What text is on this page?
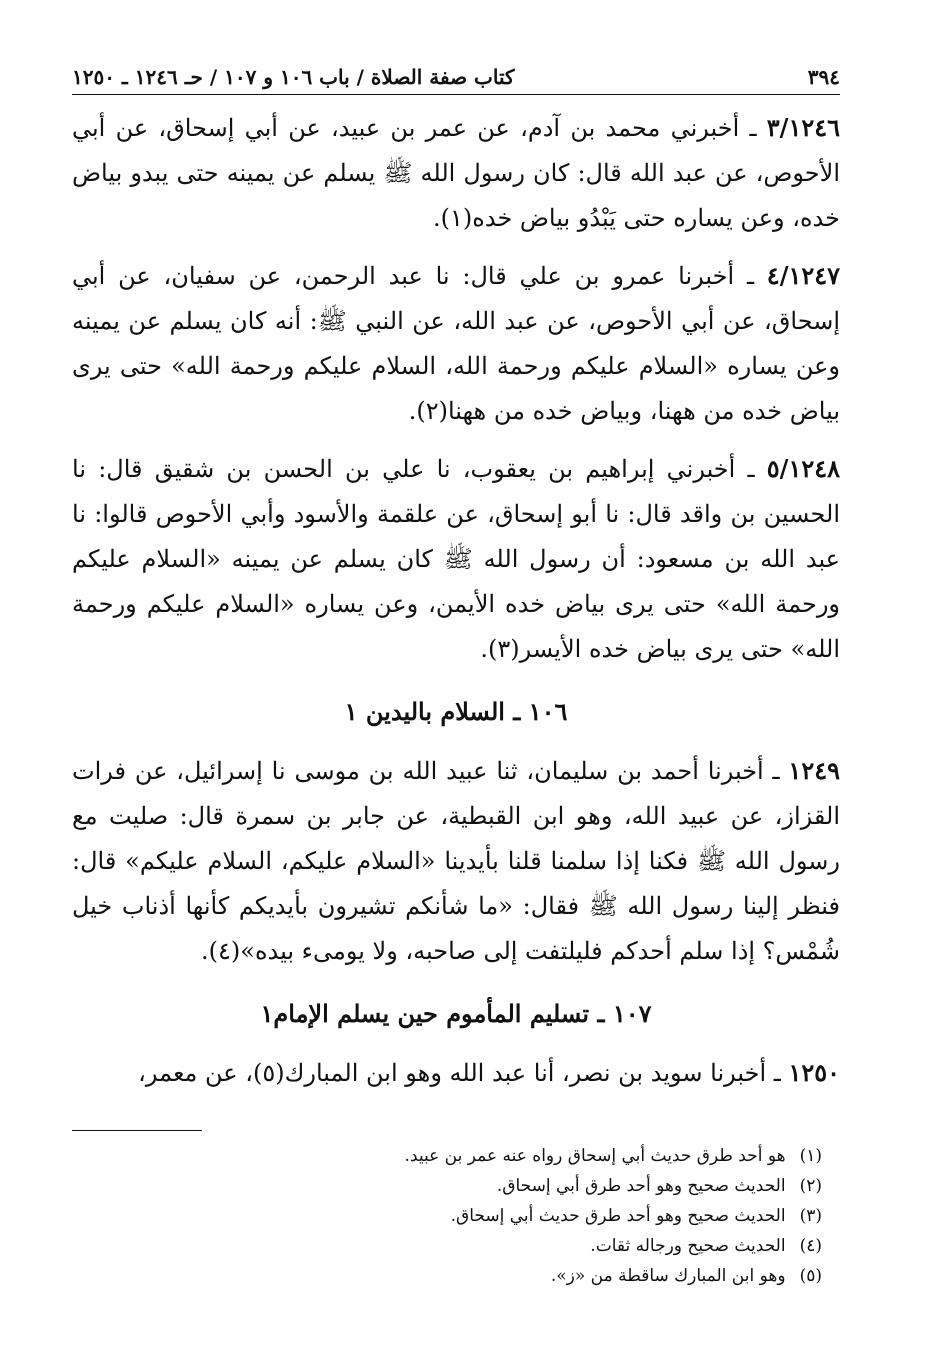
٣٩٤
كتاب صفة الصلاة / باب ١٠٦ و ١٠٧ / حـ ١٢٤٦ ـ ١٢٥٠

٣/١٢٤٦ ـ أخبرني محمد بن آدم، عن عمر بن عبيد، عن أبي إسحاق، عن أبي الأحوص، عن عبد الله قال: كان رسول الله ﷺ يسلم عن يمينه حتى يبدو بياض خده، وعن يساره حتى يَبْدُو بياض خده(١).

٤/١٢٤٧ ـ أخبرنا عمرو بن علي قال: نا عبد الرحمن، عن سفيان، عن أبي إسحاق، عن أبي الأحوص، عن عبد الله، عن النبي ﷺ: أنه كان يسلم عن يمينه وعن يساره «السلام عليكم ورحمة الله، السلام عليكم ورحمة الله» حتى يرى بياض خده من ههنا، وبياض خده من ههنا(٢).

٥/١٢٤٨ ـ أخبرني إبراهيم بن يعقوب، نا علي بن الحسن بن شقيق قال: نا الحسين بن واقد قال: نا أبو إسحاق، عن علقمة والأسود وأبي الأحوص قالوا: نا عبد الله بن مسعود: أن رسول الله ﷺ كان يسلم عن يمينه «السلام عليكم ورحمة الله» حتى يرى بياض خده الأيمن، وعن يساره «السلام عليكم ورحمة الله» حتى يرى بياض خده الأيسر(٣).

١٠٦ ـ السلام باليدين ١

١٢٤٩ ـ أخبرنا أحمد بن سليمان، ثنا عبيد الله بن موسى نا إسرائيل، عن فرات القزاز، عن عبيد الله، وهو ابن القبطية، عن جابر بن سمرة قال: صليت مع رسول الله ﷺ فكنا إذا سلمنا قلنا بأيدينا «السلام عليكم، السلام عليكم» قال: فنظر إلينا رسول الله ﷺ فقال: «ما شأنكم تشيرون بأيديكم كأنها أذناب خيل شُمْس؟ إذا سلم أحدكم فليلتفت إلى صاحبه، ولا يومىء بيده»(٤).

١٠٧ ـ تسليم المأموم حين يسلم الإمام١

١٢٥٠ ـ أخبرنا سويد بن نصر، أنا عبد الله وهو ابن المبارك(٥)، عن معمر،

(١)هو أحد طرق حديث أبي إسحاق رواه عنه عمر بن عبيد.
(٢)الحديث صحيح وهو أحد طرق أبي إسحاق.
(٣)الحديث صحيح وهو أحد طرق حديث أبي إسحاق.
(٤)الحديث صحيح ورجاله ثقات.
(٥)وهو ابن المبارك ساقطة من «ز».
